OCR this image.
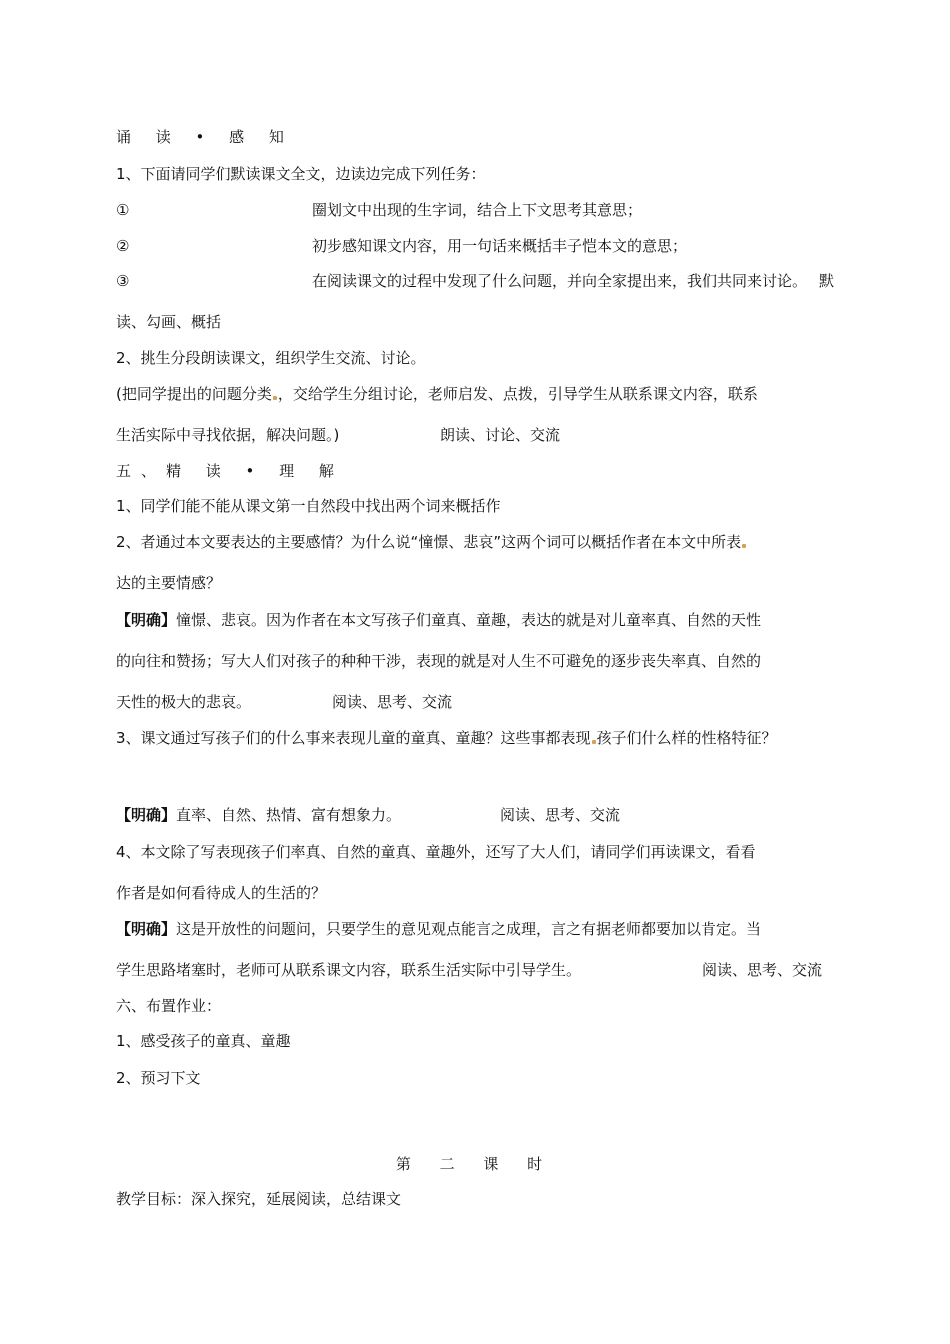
诵 读 • 感 知
1、下面请同学们默读课文全文，边读边完成下列任务：
①	圈划文中出现的生字词，结合上下文思考其意思；
②	初步感知课文内容，用一句话来概括丰子恺本文的意思；
③	在阅读课文的过程中发现了什么问题，并向全家提出来，我们共同来讨论。 默
读、勾画、概括
2、挑生分段朗读课文，组织学生交流、讨论。
(把同学提出的问题分类 ，交给学生分组讨论，老师启发、点拨，引导学生从联系课文内容，联系
生活实际中寻找依据，解决问题。)	朗读、讨论、交流
五、精 读 • 理 解
1、同学们能不能从课文第一自然段中找出两个词来概括作
2、者通过本文要表达的主要感情？为什么说“憧憬、悲哀”这两个词可以概括作者在本文中所表
达的主要情感？
【明确】憧憬、悲哀。因为作者在本文写孩子们童真、童趣，表达的就是对儿童率真、自然的天性
的向往和赞扬；写大人们对孩子的种种干涉，表现的就是对人生不可避免的逐步丧失率真、自然的
天性的极大的悲哀。	阅读、思考、交流
3、课文通过写孩子们的什么事来表现儿童的童真、童趣？这些事都表现 孩子们什么样的性格特征？
【明确】直率、自然、热情、富有想象力。	阅读、思考、交流
4、本文除了写表现孩子们率真、自然的童真、童趣外，还写了大人们，请同学们再读课文，看看
作者是如何看待成人的生活的？
【明确】这是开放性的问题问，只要学生的意见观点能言之成理，言之有据老师都要加以肯定。当
学生思路堵塞时，老师可从联系课文内容，联系生活实际中引导学生。	阅读、思考、交流
六、布置作业：
1、感受孩子的童真、童趣
2、预习下文
第 二 课 时
教学目标：深入探究，延展阅读，总结课文
